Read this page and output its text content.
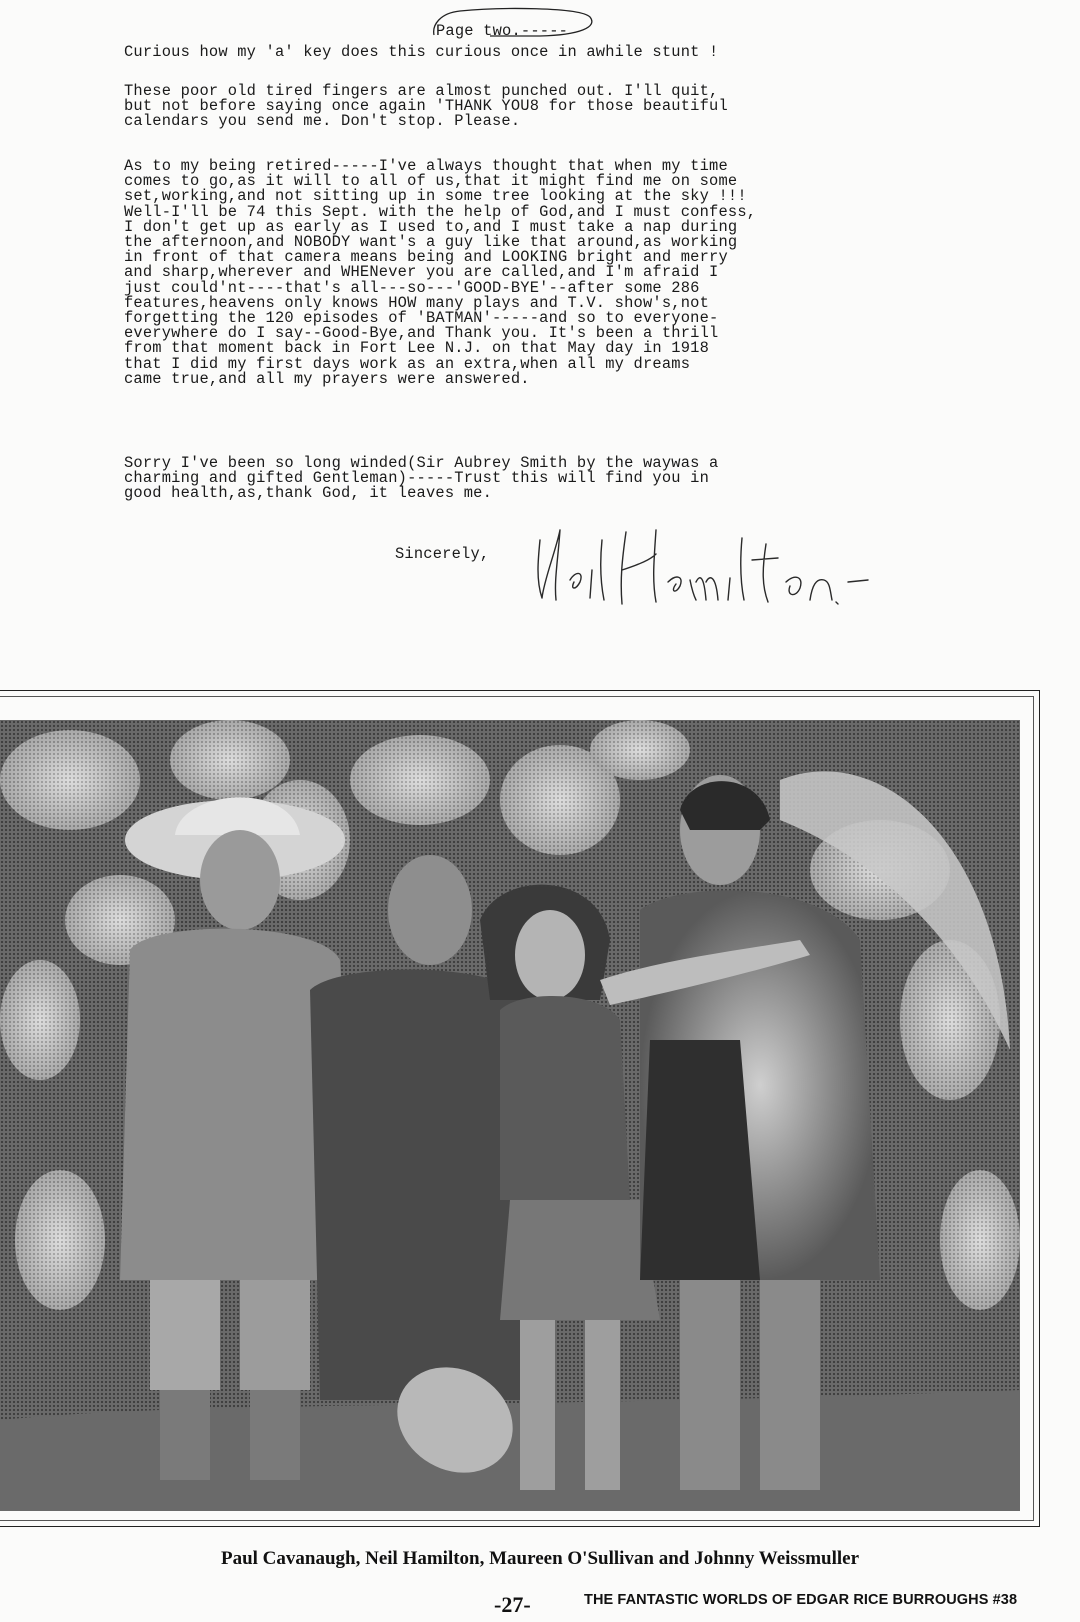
Page two.-----
Curious how my 'a' key does this curious once in awhile stunt !
These poor old tired fingers are almost punched out. I'll quit,
but not before saying once again 'THANK YOU8 for those beautiful
calendars you send me. Don't stop. Please.
As to my being retired-----I've always thought that when my time
comes to go,as it will to all of us,that it might find me on some
set,working,and not sitting up in some tree looking at the sky !!!
Well-I'll be 74 this Sept. with the help of God,and I must confess,
I don't get up as early as I used to,and I must take a nap during
the afternoon,and NOBODY want's a guy like that around,as working
in front of that camera means being and LOOKING bright and merry
and sharp,wherever and WHENever you are called,and I'm afraid I
just could'nt----that's all---so---'GOOD-BYE'--after some 286
features,heavens only knows HOW many plays and T.V. show's,not
forgetting the 120 episodes of 'BATMAN'-----and so to everyone-
everywhere do I say--Good-Bye,and Thank you. It's been a thrill
from that moment back in Fort Lee N.J. on that May day in 1918
that I did my first days work as an extra,when all my dreams
came true,and all my prayers were answered.
Sorry I've been so long winded(Sir Aubrey Smith by the waywas a
charming and gifted Gentleman)-----Trust this will find you in
good health,as,thank God, it leaves me.
Sincerely,
Paul Cavanaugh, Neil Hamilton, Maureen O'Sullivan and Johnny Weissmuller
-27-	THE FANTASTIC WORLDS OF EDGAR RICE BURROUGHS #38
